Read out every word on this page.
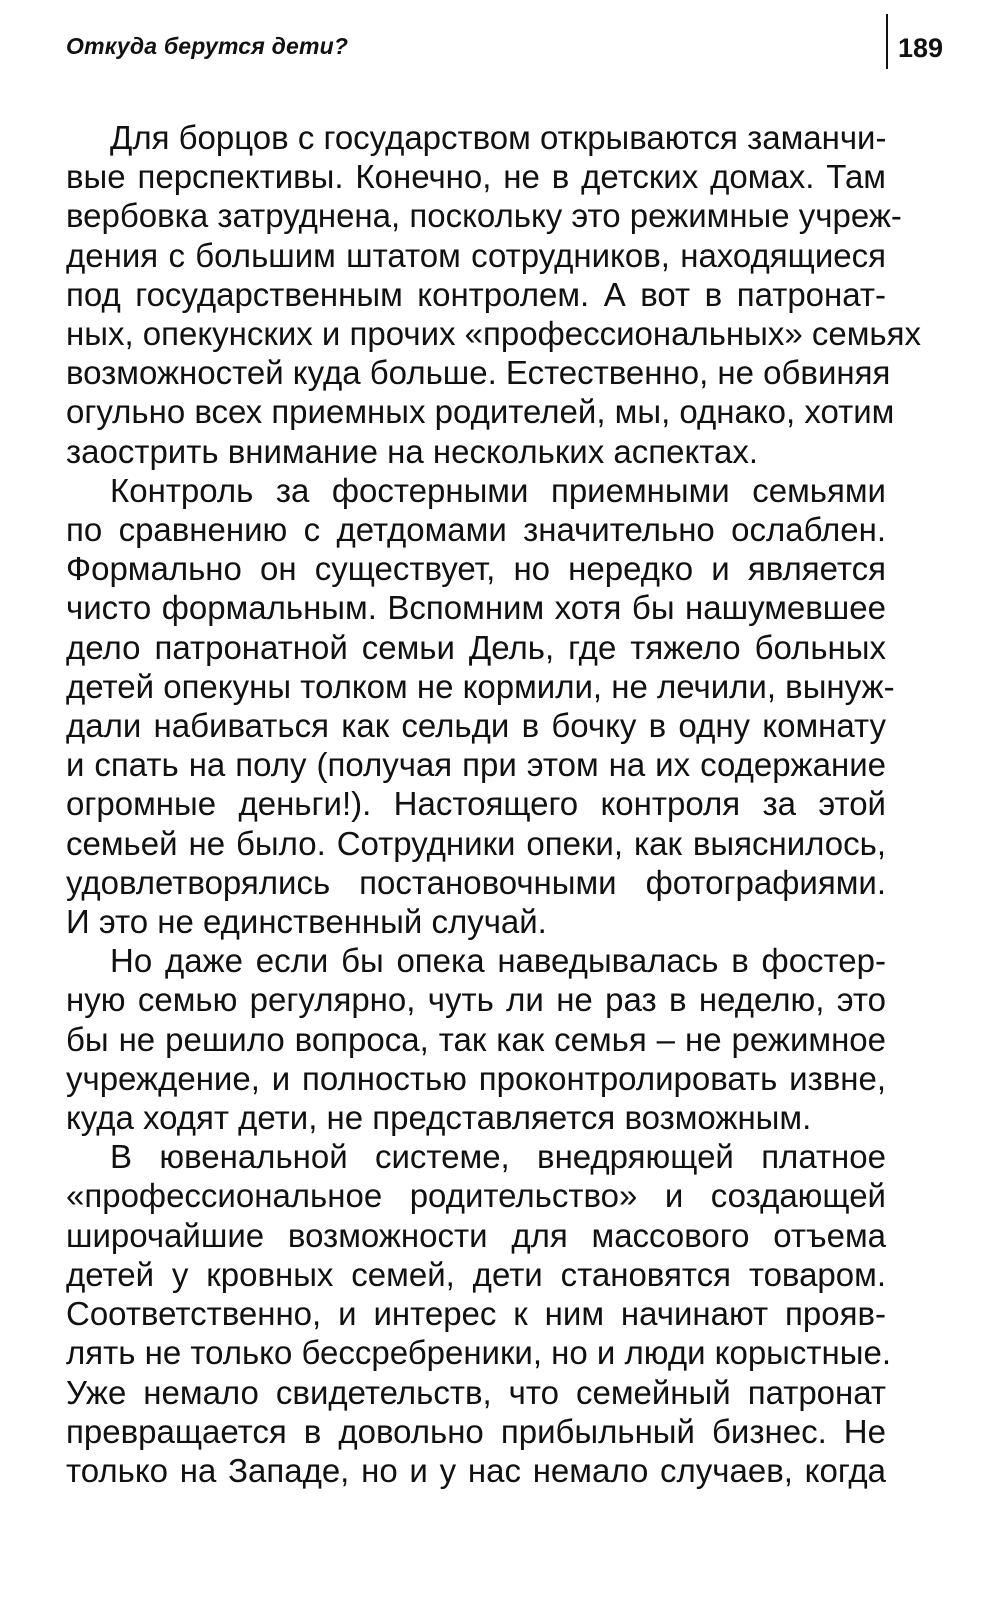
Откуда берутся дети?	189
Для борцов с государством открываются заманчи-
вые перспективы. Конечно, не в детских домах. Там
вербовка затруднена, поскольку это режимные учреж-
дения с большим штатом сотрудников, находящиеся
под государственным контролем. А вот в патронат-
ных, опекунских и прочих «профессиональных» семьях
возможностей куда больше. Естественно, не обвиняя
огульно всех приемных родителей, мы, однако, хотим
заострить внимание на нескольких аспектах.
Контроль за фостерными приемными семьями
по сравнению с детдомами значительно ослаблен.
Формально он существует, но нередко и является
чисто формальным. Вспомним хотя бы нашумевшее
дело патронатной семьи Дель, где тяжело больных
детей опекуны толком не кормили, не лечили, вынуж-
дали набиваться как сельди в бочку в одну комнату
и спать на полу (получая при этом на их содержание
огромные деньги!). Настоящего контроля за этой
семьей не было. Сотрудники опеки, как выяснилось,
удовлетворялись постановочными фотографиями.
И это не единственный случай.
Но даже если бы опека наведывалась в фостер-
ную семью регулярно, чуть ли не раз в неделю, это
бы не решило вопроса, так как семья – не режимное
учреждение, и полностью проконтролировать извне,
куда ходят дети, не представляется возможным.
В ювенальной системе, внедряющей платное
«профессиональное родительство» и создающей
широчайшие возможности для массового отъема
детей у кровных семей, дети становятся товаром.
Соответственно, и интерес к ним начинают прояв-
лять не только бессребреники, но и люди корыстные.
Уже немало свидетельств, что семейный патронат
превращается в довольно прибыльный бизнес. Не
только на Западе, но и у нас немало случаев, когда
